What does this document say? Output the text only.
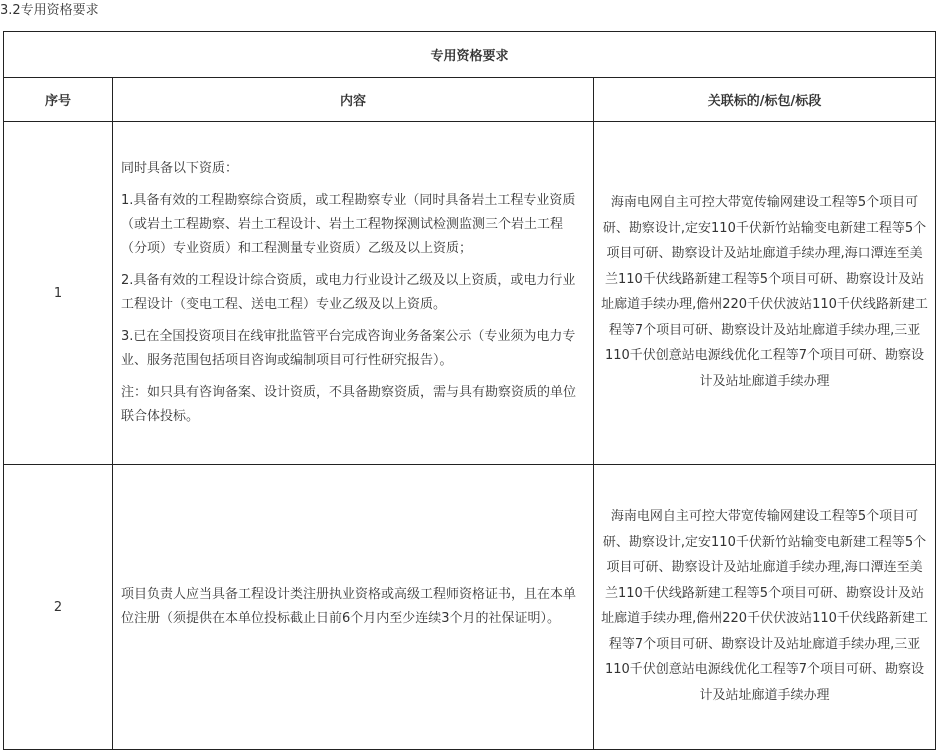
3.2专用资格要求
专用资格要求		
序号	内容	关联标的/标包/标段
1	同时具备以下资质：

1.具备有效的工程勘察综合资质，或工程勘察专业（同时具备岩土工程专业资质（或岩土工程勘察、岩土工程设计、岩土工程物探测试检测监测三个岩土工程（分项）专业资质）和工程测量专业资质）乙级及以上资质；

2.具备有效的工程设计综合资质，或电力行业设计乙级及以上资质，或电力行业工程设计（变电工程、送电工程）专业乙级及以上资质。

3.已在全国投资项目在线审批监管平台完成咨询业务备案公示（专业须为电力专业、服务范围包括项目咨询或编制项目可行性研究报告）。

注：如只具有咨询备案、设计资质，不具备勘察资质，需与具有勘察资质的单位联合体投标。	海南电网自主可控大带宽传输网建设工程等5个项目可研、勘察设计,定安110千伏新竹站输变电新建工程等5个项目可研、勘察设计及站址廊道手续办理,海口潭连至美兰110千伏线路新建工程等5个项目可研、勘察设计及站址廊道手续办理,儋州220千伏伏波站110千伏线路新建工程等7个项目可研、勘察设计及站址廊道手续办理,三亚110千伏创意站电源线优化工程等7个项目可研、勘察设计及站址廊道手续办理
2	项目负责人应当具备工程设计类注册执业资格或高级工程师资格证书，且在本单位注册（须提供在本单位投标截止日前6个月内至少连续3个月的社保证明）。	海南电网自主可控大带宽传输网建设工程等5个项目可研、勘察设计,定安110千伏新竹站输变电新建工程等5个项目可研、勘察设计及站址廊道手续办理,海口潭连至美兰110千伏线路新建工程等5个项目可研、勘察设计及站址廊道手续办理,儋州220千伏伏波站110千伏线路新建工程等7个项目可研、勘察设计及站址廊道手续办理,三亚110千伏创意站电源线优化工程等7个项目可研、勘察设计及站址廊道手续办理
